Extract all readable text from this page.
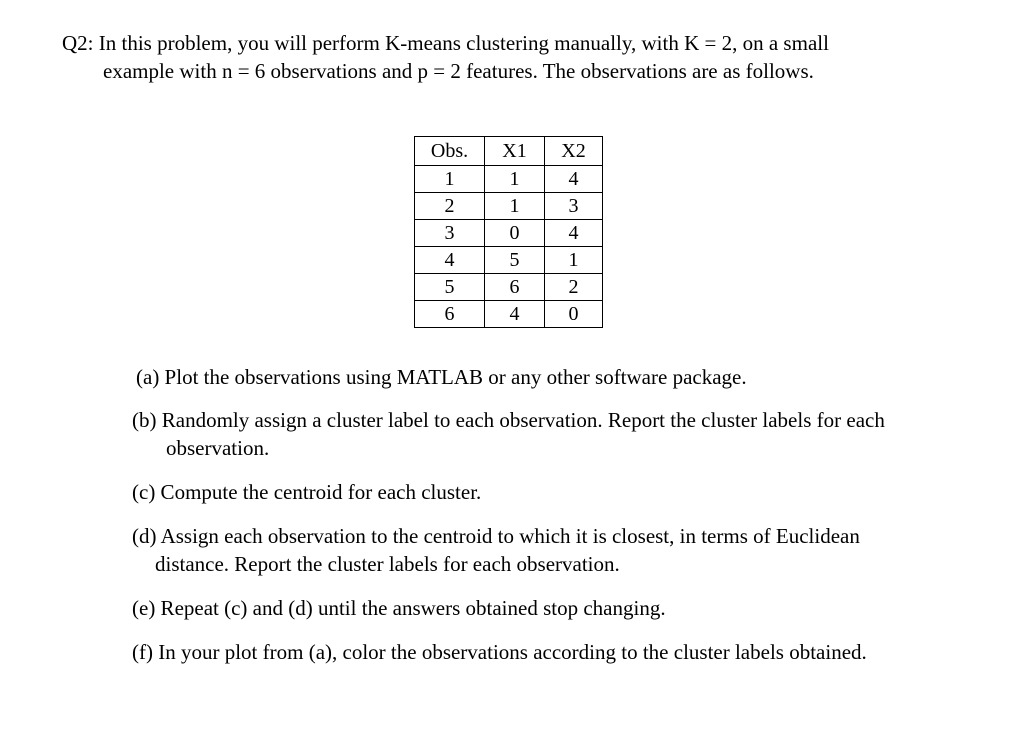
Q2: In this problem, you will perform K-means clustering manually, with K = 2, on a small
example with n = 6 observations and p = 2 features. The observations are as follows.
Obs.	X1	X2
1	1	4
2	1	3
3	0	4
4	5	1
5	6	2
6	4	0
(a) Plot the observations using MATLAB or any other software package.
(b) Randomly assign a cluster label to each observation. Report the cluster labels for each
observation.
(c) Compute the centroid for each cluster.
(d) Assign each observation to the centroid to which it is closest, in terms of Euclidean
distance. Report the cluster labels for each observation.
(e) Repeat (c) and (d) until the answers obtained stop changing.
(f) In your plot from (a), color the observations according to the cluster labels obtained.
